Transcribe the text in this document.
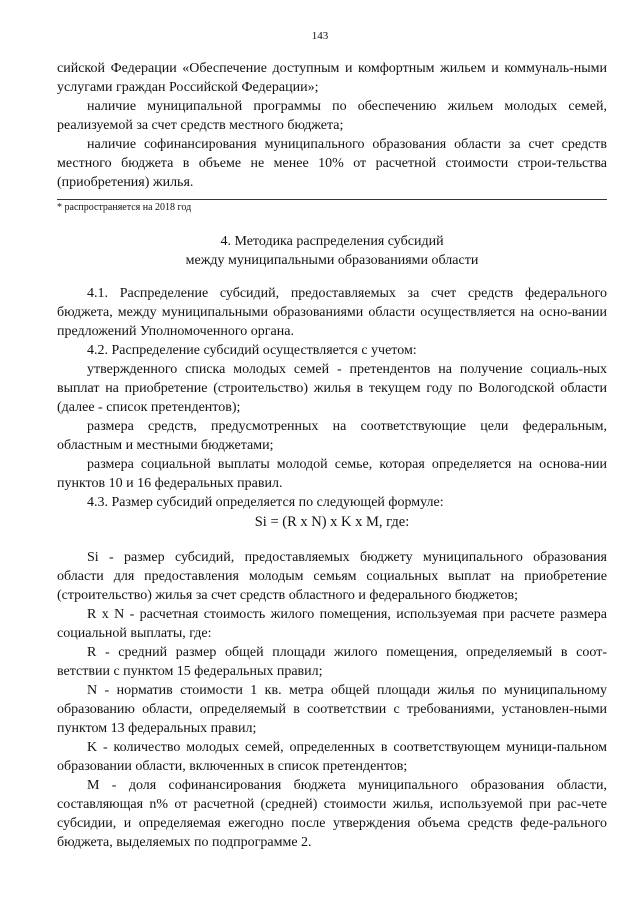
143

сийской Федерации «Обеспечение доступным и комфортным жильем и коммуналь-ными услугами граждан Российской Федерации»;

наличие муниципальной программы по обеспечению жильем молодых семей, реализуемой за счет средств местного бюджета;

наличие софинансирования муниципального образования области за счет средств местного бюджета в объеме не менее 10% от расчетной стоимости строи-тельства (приобретения) жилья.

* распространяется на 2018 год
4. Методика распределения субсидий
между муниципальными образованиями области

4.1. Распределение субсидий, предоставляемых за счет средств федерального бюджета, между муниципальными образованиями области осуществляется на осно-вании предложений Уполномоченного органа.

4.2. Распределение субсидий осуществляется с учетом:

утвержденного списка молодых семей - претендентов на получение социаль-ных выплат на приобретение (строительство) жилья в текущем году по Вологодской области (далее - список претендентов);

размера средств, предусмотренных на соответствующие цели федеральным, областным и местными бюджетами;

размера социальной выплаты молодой семье, которая определяется на основа-нии пунктов 10 и 16 федеральных правил.

4.3. Размер субсидий определяется по следующей формуле:

Si = (R x N) x K x M, где:

Si - размер субсидий, предоставляемых бюджету муниципального образования области для предоставления молодым семьям социальных выплат на приобретение (строительство) жилья за счет средств областного и федерального бюджетов;

R x N - расчетная стоимость жилого помещения, используемая при расчете размера социальной выплаты, где:

R - средний размер общей площади жилого помещения, определяемый в соот-ветствии с пунктом 15 федеральных правил;

N - норматив стоимости 1 кв. метра общей площади жилья по муниципальному образованию области, определяемый в соответствии с требованиями, установлен-ными пунктом 13 федеральных правил;

K - количество молодых семей, определенных в соответствующем муници-пальном образовании области, включенных в список претендентов;

M - доля софинансирования бюджета муниципального образования области, составляющая n% от расчетной (средней) стоимости жилья, используемой при рас-чете субсидии, и определяемая ежегодно после утверждения объема средств феде-рального бюджета, выделяемых по подпрограмме 2.
